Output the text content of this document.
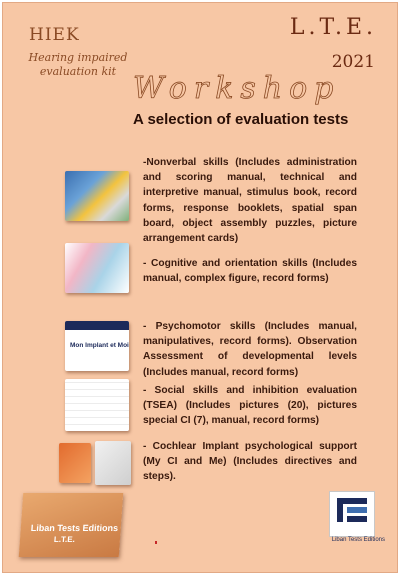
HIEK
Hearing impaired
evaluation kit
L.T.E.
2021
Workshop
A selection of evaluation tests
-Nonverbal skills (Includes administration and scoring manual, technical and interpretive manual, stimulus book, record forms, response booklets, spatial span board, object assembly puzzles, picture arrangement cards)
- Cognitive and orientation skills (Includes manual, complex figure, record forms)
Mon Implant et Moi
- Psychomotor skills (Includes manual, manipulatives, record forms). Observation Assessment of developmental levels (Includes manual, record forms)
- Social skills and inhibition evaluation (TSEA) (Includes pictures (20), pictures special CI (7), manual, record forms)
- Cochlear Implant psychological support (My CI and Me) (Includes directives and steps).
Liban Tests Editions
L.T.E.	Liban Tests Editions
